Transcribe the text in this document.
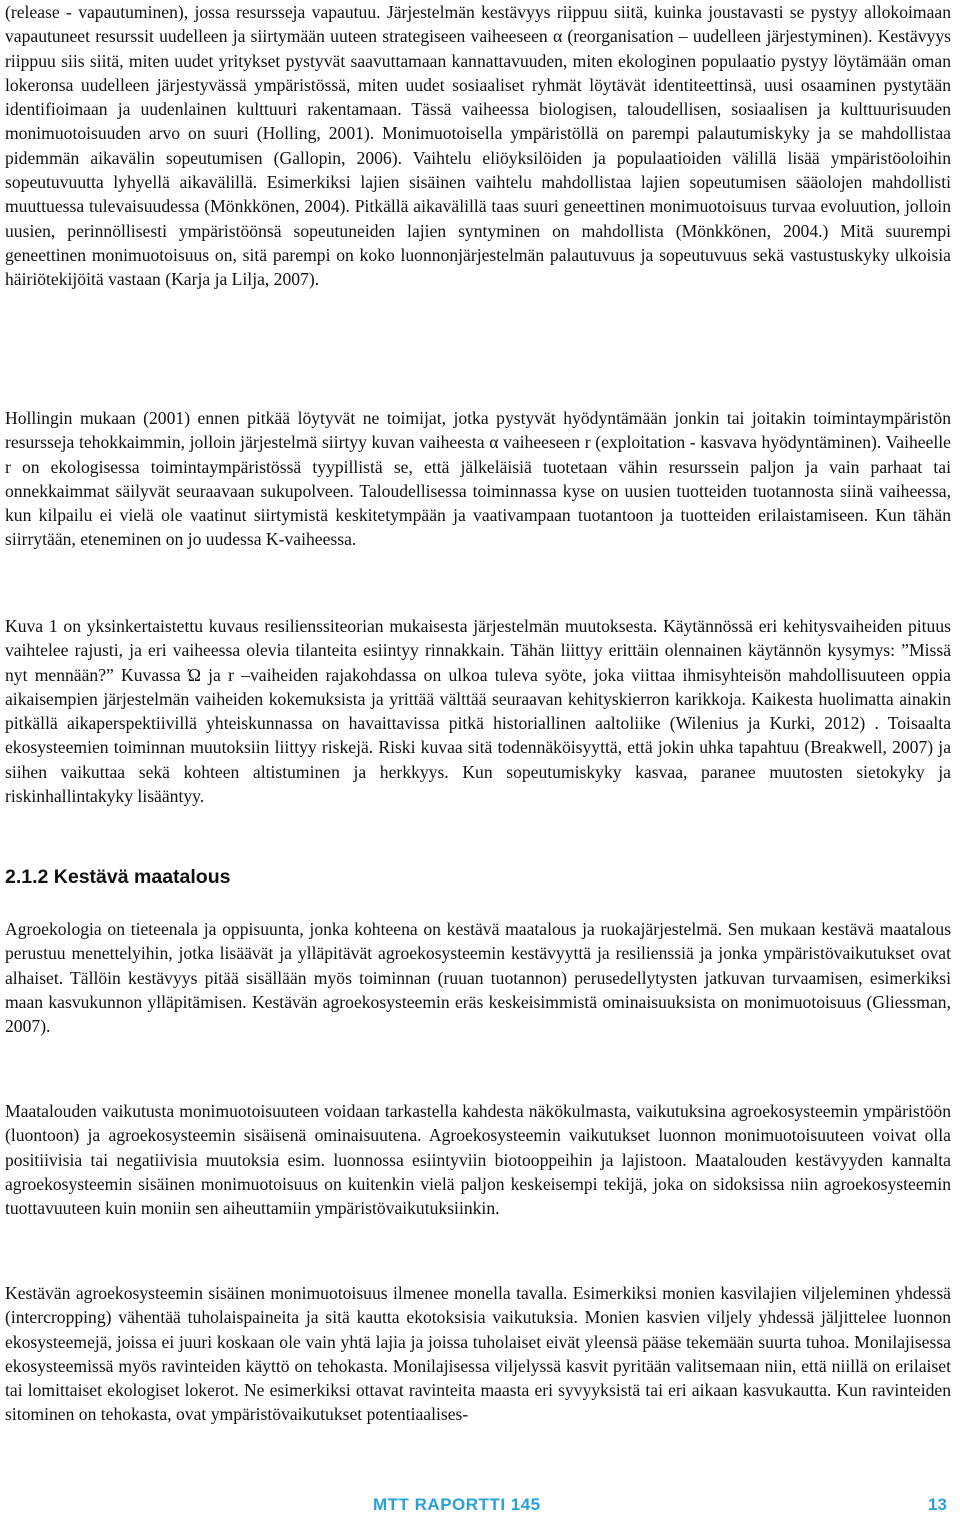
(release - vapautuminen), jossa resursseja vapautuu. Järjestelmän kestävyys riippuu siitä, kuinka joustavasti se pystyy allokoimaan vapautuneet resurssit uudelleen ja siirtymään uuteen strategiseen vaiheeseen α (reorganisation – uudelleen järjestyminen). Kestävyys riippuu siis siitä, miten uudet yritykset pystyvät saavuttamaan kannattavuuden, miten ekologinen populaatio pystyy löytämään oman lokeronsa uudelleen järjestyvässä ympäristössä, miten uudet sosiaaliset ryhmät löytävät identiteettinsä, uusi osaaminen pystytään identifioimaan ja uudenlainen kulttuuri rakentamaan. Tässä vaiheessa biologisen, taloudellisen, sosiaalisen ja kulttuurisuuden monimuotoisuuden arvo on suuri (Holling, 2001). Monimuotoisella ympäristöllä on parempi palautumiskyky ja se mahdollistaa pidemmän aikavälin sopeutumisen (Gallopin, 2006). Vaihtelu eliöyksilöiden ja populaatioiden välillä lisää ympäristöoloihin sopeutuvuutta lyhyellä aikavälillä. Esimerkiksi lajien sisäinen vaihtelu mahdollistaa lajien sopeutumisen sääolojen mahdollisti muuttuessa tulevaisuudessa (Mönkkönen, 2004). Pitkällä aikavälillä taas suuri geneettinen monimuotoisuus turvaa evoluution, jolloin uusien, perinnöllisesti ympäristöönsä sopeutuneiden lajien syntyminen on mahdollista (Mönkkönen, 2004.) Mitä suurempi geneettinen monimuotoisuus on, sitä parempi on koko luonnonjärjestelmän palautuvuus ja sopeutuvuus sekä vastustuskyky ulkoisia häiriötekijöitä vastaan (Karja ja Lilja, 2007).

Hollingin mukaan (2001) ennen pitkää löytyvät ne toimijat, jotka pystyvät hyödyntämään jonkin tai joitakin toimintaympäristön resursseja tehokkaimmin, jolloin järjestelmä siirtyy kuvan vaiheesta α vaiheeseen r (exploitation - kasvava hyödyntäminen). Vaiheelle r on ekologisessa toimintaympäristössä tyypillistä se, että jälkeläisiä tuotetaan vähin resurssein paljon ja vain parhaat tai onnekkaimmat säilyvät seuraavaan sukupolveen. Taloudellisessa toiminnassa kyse on uusien tuotteiden tuotannosta siinä vaiheessa, kun kilpailu ei vielä ole vaatinut siirtymistä keskitetympään ja vaativampaan tuotantoon ja tuotteiden erilaistamiseen. Kun tähän siirrytään, eteneminen on jo uudessa K-vaiheessa.

Kuva 1 on yksinkertaistettu kuvaus resilienssiteorian mukaisesta järjestelmän muutoksesta. Käytännössä eri kehitysvaiheiden pituus vaihtelee rajusti, ja eri vaiheessa olevia tilanteita esiintyy rinnakkain. Tähän liittyy erittäin olennainen käytännön kysymys: ”Missä nyt mennään?” Kuvassa Ώ ja r –vaiheiden rajakohdassa on ulkoa tuleva syöte, joka viittaa ihmisyhteisön mahdollisuuteen oppia aikaisempien järjestelmän vaiheiden kokemuksista ja yrittää välttää seuraavan kehityskierron karikkoja. Kaikesta huolimatta ainakin pitkällä aikaperspektiivillä yhteiskunnassa on havaittavissa pitkä historiallinen aaltoliike (Wilenius ja Kurki, 2012) . Toisaalta ekosysteemien toiminnan muutoksiin liittyy riskejä. Riski kuvaa sitä todennäköisyyttä, että jokin uhka tapahtuu (Breakwell, 2007) ja siihen vaikuttaa sekä kohteen altistuminen ja herkkyys. Kun sopeutumiskyky kasvaa, paranee muutosten sietokyky ja riskinhallintakyky lisääntyy.

2.1.2 Kestävä maatalous

Agroekologia on tieteenala ja oppisuunta, jonka kohteena on kestävä maatalous ja ruokajärjestelmä. Sen mukaan kestävä maatalous perustuu menettelyihin, jotka lisäävät ja ylläpitävät agroekosysteemin kestävyyttä ja resilienssiä ja jonka ympäristövaikutukset ovat alhaiset. Tällöin kestävyys pitää sisällään myös toiminnan (ruuan tuotannon) perusedellytysten jatkuvan turvaamisen, esimerkiksi maan kasvukunnon ylläpitämisen. Kestävän agroekosysteemin eräs keskeisimmistä ominaisuuksista on monimuotoisuus (Gliessman, 2007).

Maatalouden vaikutusta monimuotoisuuteen voidaan tarkastella kahdesta näkökulmasta, vaikutuksina agroekosysteemin ympäristöön (luontoon) ja agroekosysteemin sisäisenä ominaisuutena. Agroekosysteemin vaikutukset luonnon monimuotoisuuteen voivat olla positiivisia tai negatiivisia muutoksia esim. luonnossa esiintyviin biotooppeihin ja lajistoon. Maatalouden kestävyyden kannalta agroekosysteemin sisäinen monimuotoisuus on kuitenkin vielä paljon keskeisempi tekijä, joka on sidoksissa niin agroekosysteemin tuottavuuteen kuin moniin sen aiheuttamiin ympäristövaikutuksiinkin.

Kestävän agroekosysteemin sisäinen monimuotoisuus ilmenee monella tavalla. Esimerkiksi monien kasvilajien viljeleminen yhdessä (intercropping) vähentää tuholaispaineita ja sitä kautta ekotoksisia vaikutuksia. Monien kasvien viljely yhdessä jäljittelee luonnon ekosysteemejä, joissa ei juuri koskaan ole vain yhtä lajia ja joissa tuholaiset eivät yleensä pääse tekemään suurta tuhoa. Monilajisessa ekosysteemissä myös ravinteiden käyttö on tehokasta. Monilajisessa viljelyssä kasvit pyritään valitsemaan niin, että niillä on erilaiset tai lomittaiset ekologiset lokerot. Ne esimerkiksi ottavat ravinteita maasta eri syvyyksistä tai eri aikaan kasvukautta. Kun ravinteiden sitominen on tehokasta, ovat ympäristövaikutukset potentiaalises-

MTT RAPORTTI 145	13
